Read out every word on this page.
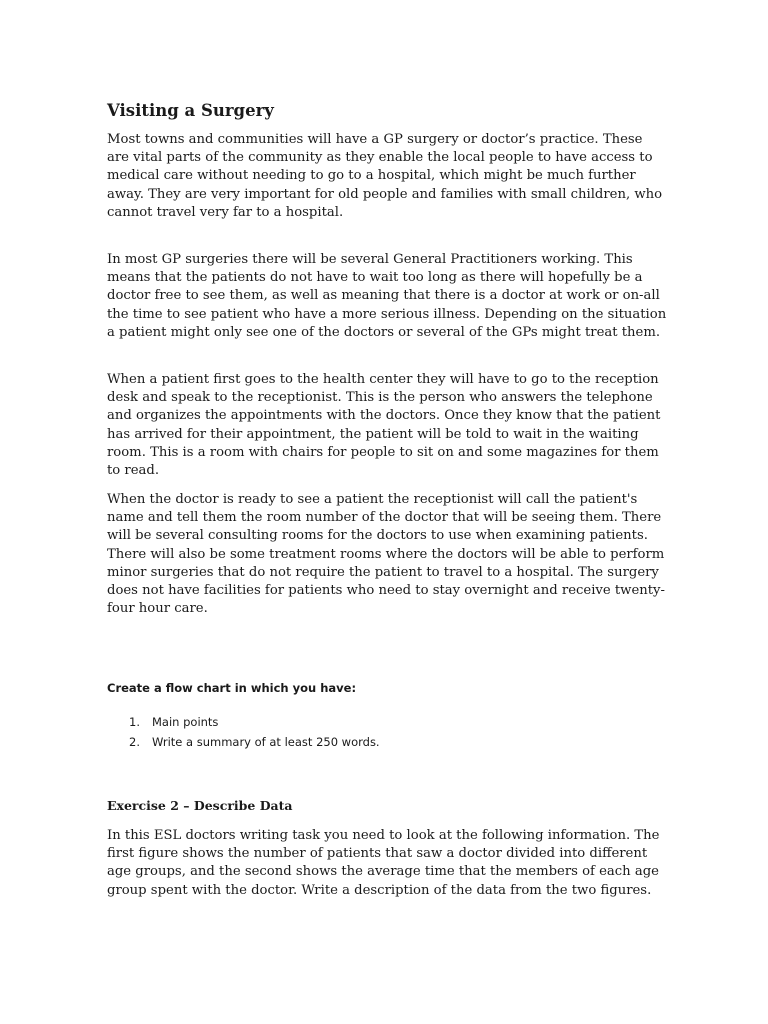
Visiting a Surgery

Most towns and communities will have a GP surgery or doctor’s practice. These are vital parts of the community as they enable the local people to have access to medical care without needing to go to a hospital, which might be much further away. They are very important for old people and families with small children, who cannot travel very far to a hospital.

In most GP surgeries there will be several General Practitioners working. This means that the patients do not have to wait too long as there will hopefully be a doctor free to see them, as well as meaning that there is a doctor at work or on-all the time to see patient who have a more serious illness. Depending on the situation a patient might only see one of the doctors or several of the GPs might treat them.

When a patient first goes to the health center they will have to go to the reception desk and speak to the receptionist. This is the person who answers the telephone and organizes the appointments with the doctors. Once they know that the patient has arrived for their appointment, the patient will be told to wait in the waiting room. This is a room with chairs for people to sit on and some magazines for them to read.

When the doctor is ready to see a patient the receptionist will call the patient's name and tell them the room number of the doctor that will be seeing them. There will be several consulting rooms for the doctors to use when examining patients. There will also be some treatment rooms where the doctors will be able to perform minor surgeries that do not require the patient to travel to a hospital. The surgery does not have facilities for patients who need to stay overnight and receive twenty-four hour care.

Create a flow chart in which you have:

1. Main points
2. Write a summary of at least 250 words.

Exercise 2 – Describe Data

In this ESL doctors writing task you need to look at the following information. The first figure shows the number of patients that saw a doctor divided into different age groups, and the second shows the average time that the members of each age group spent with the doctor. Write a description of the data from the two figures.
